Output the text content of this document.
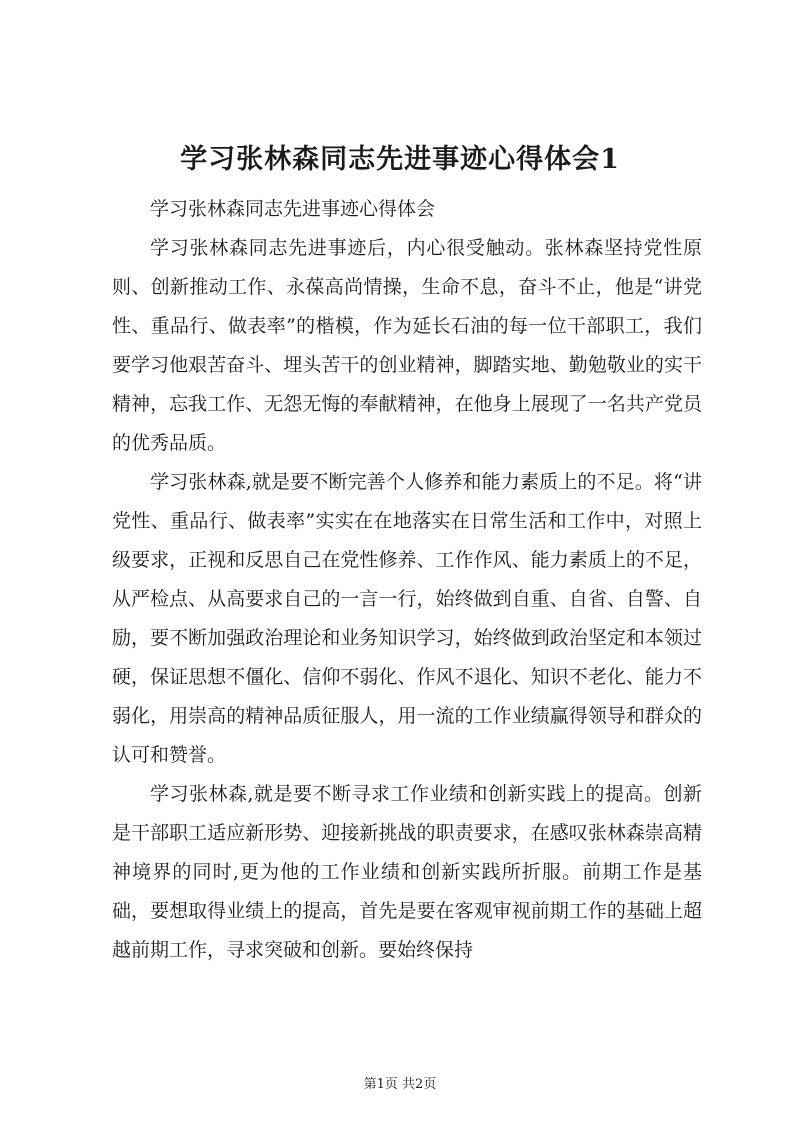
学习张林森同志先进事迹心得体会1

学习张林森同志先进事迹心得体会

学习张林森同志先进事迹后，内心很受触动。张林森坚持党性原则、创新推动工作、永葆高尚情操，生命不息，奋斗不止，他是“讲党性、重品行、做表率”的楷模，作为延长石油的每一位干部职工，我们要学习他艰苦奋斗、埋头苦干的创业精神，脚踏实地、勤勉敬业的实干精神，忘我工作、无怨无悔的奉献精神，在他身上展现了一名共产党员的优秀品质。

学习张林森,就是要不断完善个人修养和能力素质上的不足。将“讲党性、重品行、做表率”实实在在地落实在日常生活和工作中，对照上级要求，正视和反思自己在党性修养、工作作风、能力素质上的不足，从严检点、从高要求自己的一言一行，始终做到自重、自省、自警、自励，要不断加强政治理论和业务知识学习，始终做到政治坚定和本领过硬，保证思想不僵化、信仰不弱化、作风不退化、知识不老化、能力不弱化，用崇高的精神品质征服人，用一流的工作业绩赢得领导和群众的认可和赞誉。

学习张林森,就是要不断寻求工作业绩和创新实践上的提高。创新是干部职工适应新形势、迎接新挑战的职责要求，在感叹张林森崇高精神境界的同时,更为他的工作业绩和创新实践所折服。前期工作是基础，要想取得业绩上的提高，首先是要在客观审视前期工作的基础上超越前期工作，寻求突破和创新。要始终保持

第1页 共2页
